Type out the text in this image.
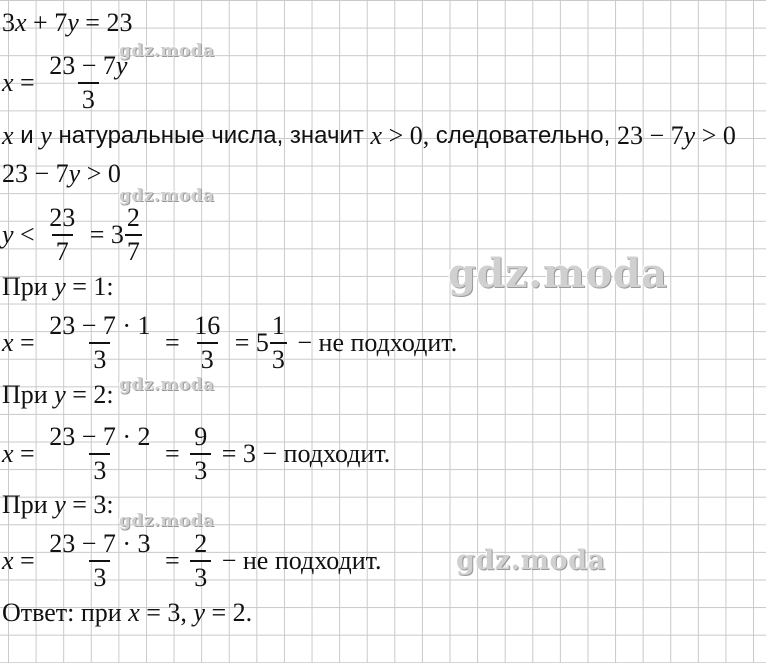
gdz.moda
gdz.moda
gdz.moda
gdz.moda
gdz.moda
gdz.moda
3 x + 7 y = 23
$x = \frac{23 - 7y}{3}$
x и y натуральные числа, значит x > 0, следовательно, 23 − 7 y > 0
23 − 7 y > 0
$y < \frac{23}{7} = 3 \frac{2}{7}$
При y = 1:
$x = \frac{23 - 7 \cdot 1}{3} = \frac{16}{3} = 5 \frac{1}{3}$ − не подходит.
При y = 2:
$x = \frac{23 - 7 \cdot 2}{3} = \frac{9}{3} = 3$ − подходит.
При y = 3:
$x = \frac{23 - 7 \cdot 3}{3} = \frac{2}{3}$ − не подходит.
Ответ: при x = 3, y = 2.
